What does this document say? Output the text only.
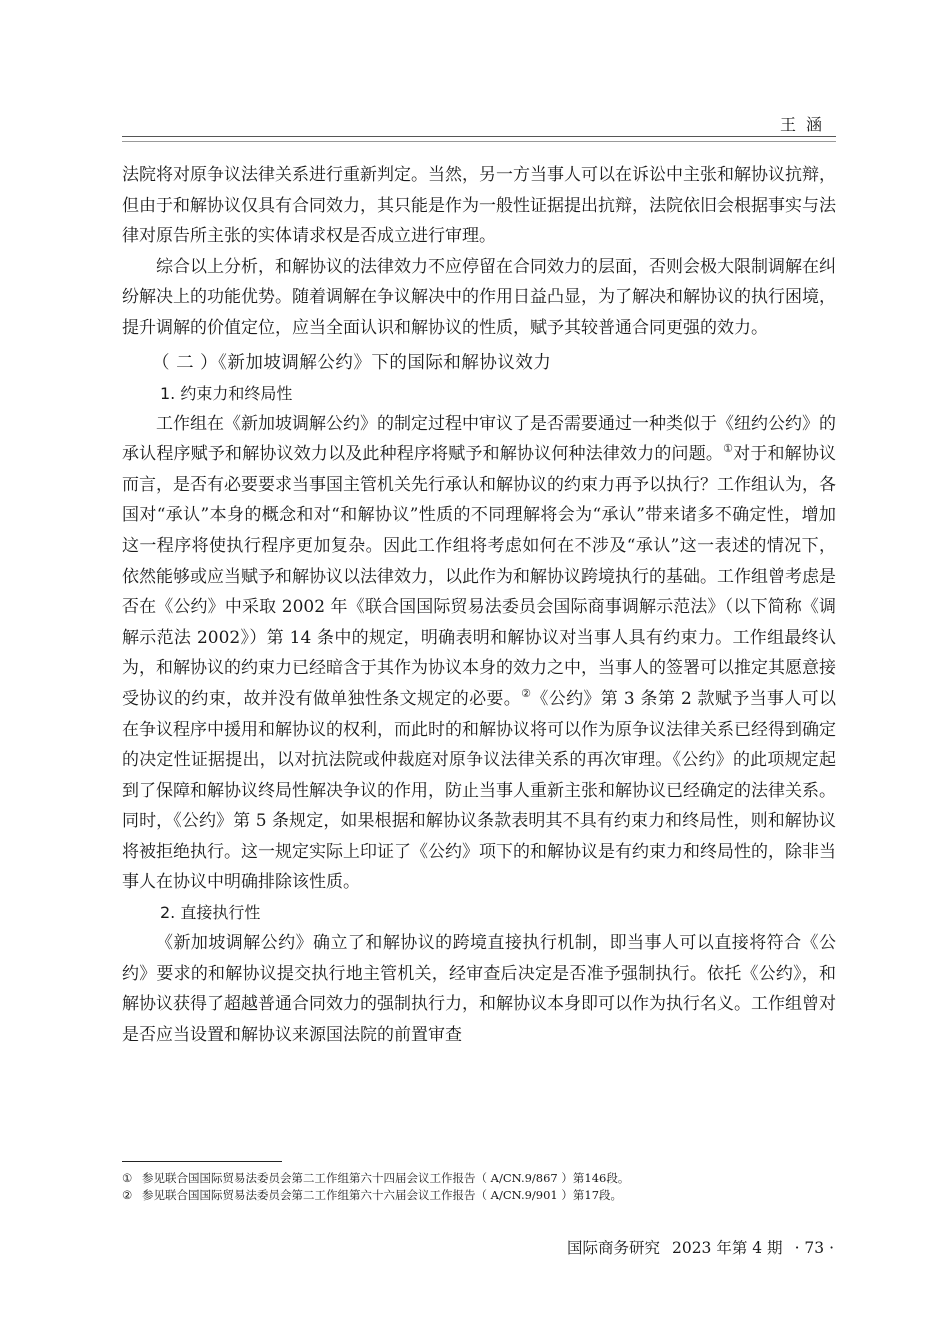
王涵

法院将对原争议法律关系进行重新判定。当然，另一方当事人可以在诉讼中主张和解协议抗辩，但由于和解协议仅具有合同效力，其只能是作为一般性证据提出抗辩，法院依旧会根据事实与法律对原告所主张的实体请求权是否成立进行审理。

综合以上分析，和解协议的法律效力不应停留在合同效力的层面，否则会极大限制调解在纠纷解决上的功能优势。随着调解在争议解决中的作用日益凸显，为了解决和解协议的执行困境，提升调解的价值定位，应当全面认识和解协议的性质，赋予其较普通合同更强的效力。

（ 二 ）《新加坡调解公约》下的国际和解协议效力
1. 约束力和终局性

工作组在《新加坡调解公约》的制定过程中审议了是否需要通过一种类似于《纽约公约》的承认程序赋予和解协议效力以及此种程序将赋予和解协议何种法律效力的问题。①对于和解协议而言，是否有必要要求当事国主管机关先行承认和解协议的约束力再予以执行？工作组认为，各国对“承认”本身的概念和对“和解协议”性质的不同理解将会为“承认”带来诸多不确定性，增加这一程序将使执行程序更加复杂。因此工作组将考虑如何在不涉及“承认”这一表述的情况下，依然能够或应当赋予和解协议以法律效力，以此作为和解协议跨境执行的基础。工作组曾考虑是否在《公约》中采取 2002 年《联合国国际贸易法委员会国际商事调解示范法》（以下简称《调解示范法 2002》）第 14 条中的规定，明确表明和解协议对当事人具有约束力。工作组最终认为，和解协议的约束力已经暗含于其作为协议本身的效力之中，当事人的签署可以推定其愿意接受协议的约束，故并没有做单独性条文规定的必要。②《公约》第 3 条第 2 款赋予当事人可以在争议程序中援用和解协议的权利，而此时的和解协议将可以作为原争议法律关系已经得到确定的决定性证据提出，以对抗法院或仲裁庭对原争议法律关系的再次审理。《公约》的此项规定起到了保障和解协议终局性解决争议的作用，防止当事人重新主张和解协议已经确定的法律关系。同时，《公约》第 5 条规定，如果根据和解协议条款表明其不具有约束力和终局性，则和解协议将被拒绝执行。这一规定实际上印证了《公约》项下的和解协议是有约束力和终局性的，除非当事人在协议中明确排除该性质。

2. 直接执行性

《新加坡调解公约》确立了和解协议的跨境直接执行机制，即当事人可以直接将符合《公约》要求的和解协议提交执行地主管机关，经审查后决定是否准予强制执行。依托《公约》，和解协议获得了超越普通合同效力的强制执行力，和解协议本身即可以作为执行名义。工作组曾对是否应当设置和解协议来源国法院的前置审查

① 参见联合国国际贸易法委员会第二工作组第六十四届会议工作报告（ A/CN.9/867 ）第146段。

② 参见联合国国际贸易法委员会第二工作组第六十六届会议工作报告（ A/CN.9/901 ）第17段。

国际商务研究 2023 年第 4 期 · 73 ·
